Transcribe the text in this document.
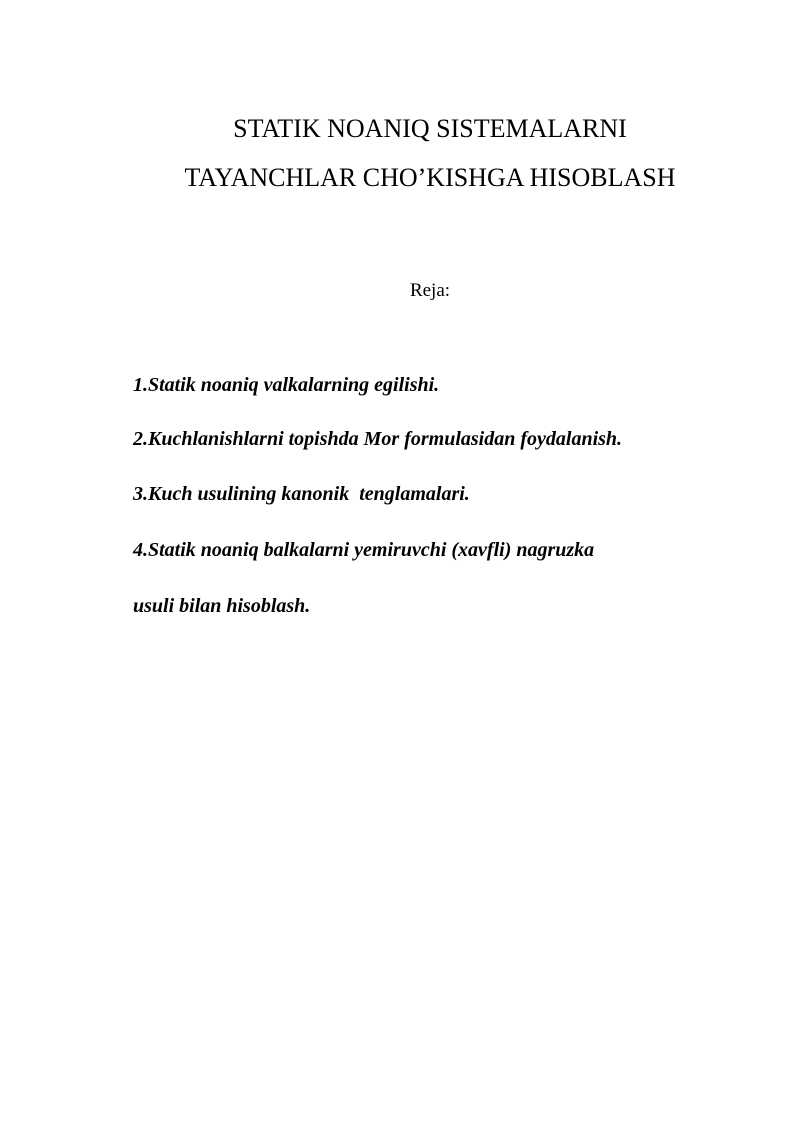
STATIK NOANIQ SISTEMALARNI
TAYANCHLAR CHO’KISHGA HISOBLASH
Reja:
1.Statik noaniq valkalarning egilishi.
2.Kuchlanishlarni topishda Mor formulasidan foydalanish.
3.Kuch usulining kanonik  tenglamalari.
4.Statik noaniq balkalarni yemiruvchi (xavfli) nagruzka
usuli bilan hisoblash.
